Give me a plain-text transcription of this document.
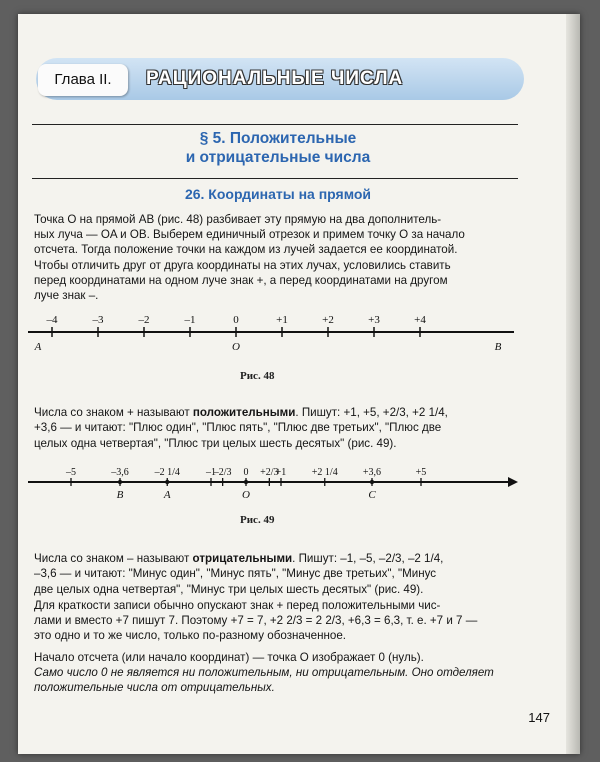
Глава II.	РАЦИОНАЛЬНЫЕ ЧИСЛА
§ 5. Положительные
и отрицательные числа
26. Координаты на прямой
Точка O на прямой AB (рис. 48) разбивает эту прямую на два дополнитель-
ных луча — OA и OB. Выберем единичный отрезок и примем точку O за начало
отсчета. Тогда положение точки на каждом из лучей задается ее координатой.
Чтобы отличить друг от друга координаты на этих лучах, условились ставить
перед координатами на одном луче знак +, а перед координатами на другом
луче знак –.
–4	–3	–2	–1	0	+1	+2	+3	+4
A	O	B
Рис. 48

Числа со знаком + называют положительными. Пишут: +1, +5, +2/3, +2 1/4,
+3,6 — и читают: "Плюс один", "Плюс пять", "Плюс две третьих", "Плюс две
целых одна четвертая", "Плюс три целых шесть десятых" (рис. 49).

–5	–3,6	–2 1/4	–1
–2/3 0 +2/3
+1	+2 1/4	+3,6	+5
B	A	O	C
Рис. 49

Числа со знаком – называют отрицательными. Пишут: –1, –5, –2/3, –2 1/4,
–3,6 — и читают: "Минус один", "Минус пять", "Минус две третьих", "Минус
две целых одна четвертая", "Минус три целых шесть десятых" (рис. 49).

Для краткости записи обычно опускают знак + перед положительными чис-
лами и вместо +7 пишут 7. Поэтому +7 = 7, +2 2/3 = 2 2/3, +6,3 = 6,3, т. е. +7 и 7 —
это одно и то же число, только по-разному обозначенное.
Начало отсчета (или начало координат) — точка O изображает 0 (нуль).
Само число 0 не является ни положительным, ни отрицательным. Оно отделяет
положительные числа от отрицательных.
147
